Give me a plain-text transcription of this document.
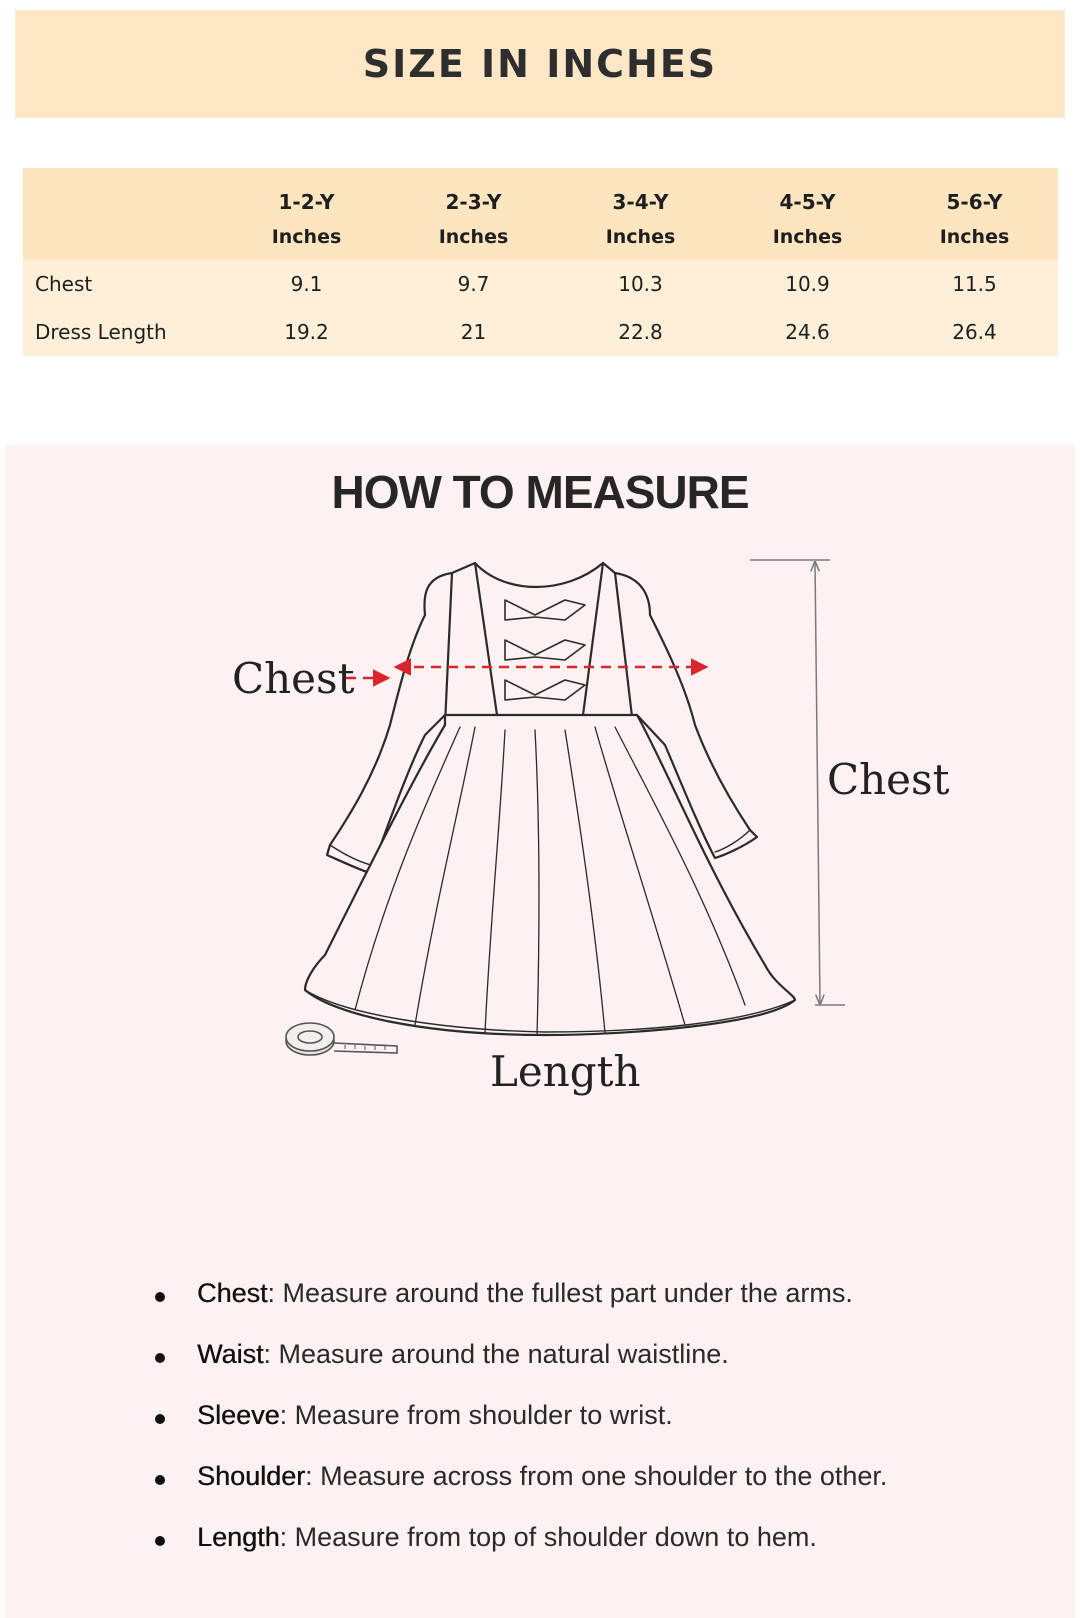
SIZE IN INCHES
	1-2-Y	2-3-Y	3-4-Y	4-5-Y	5-6-Y
	Inches	Inches	Inches	Inches	Inches
Chest	9.1	9.7	10.3	10.9	11.5
Dress Length	19.2	21	22.8	24.6	26.4
HOW TO MEASURE
Chest
Chest
Length
Chest: Measure around the fullest part under the arms.
Waist: Measure around the natural waistline.
Sleeve: Measure from shoulder to wrist.
Shoulder: Measure across from one shoulder to the other.
Length: Measure from top of shoulder down to hem.
